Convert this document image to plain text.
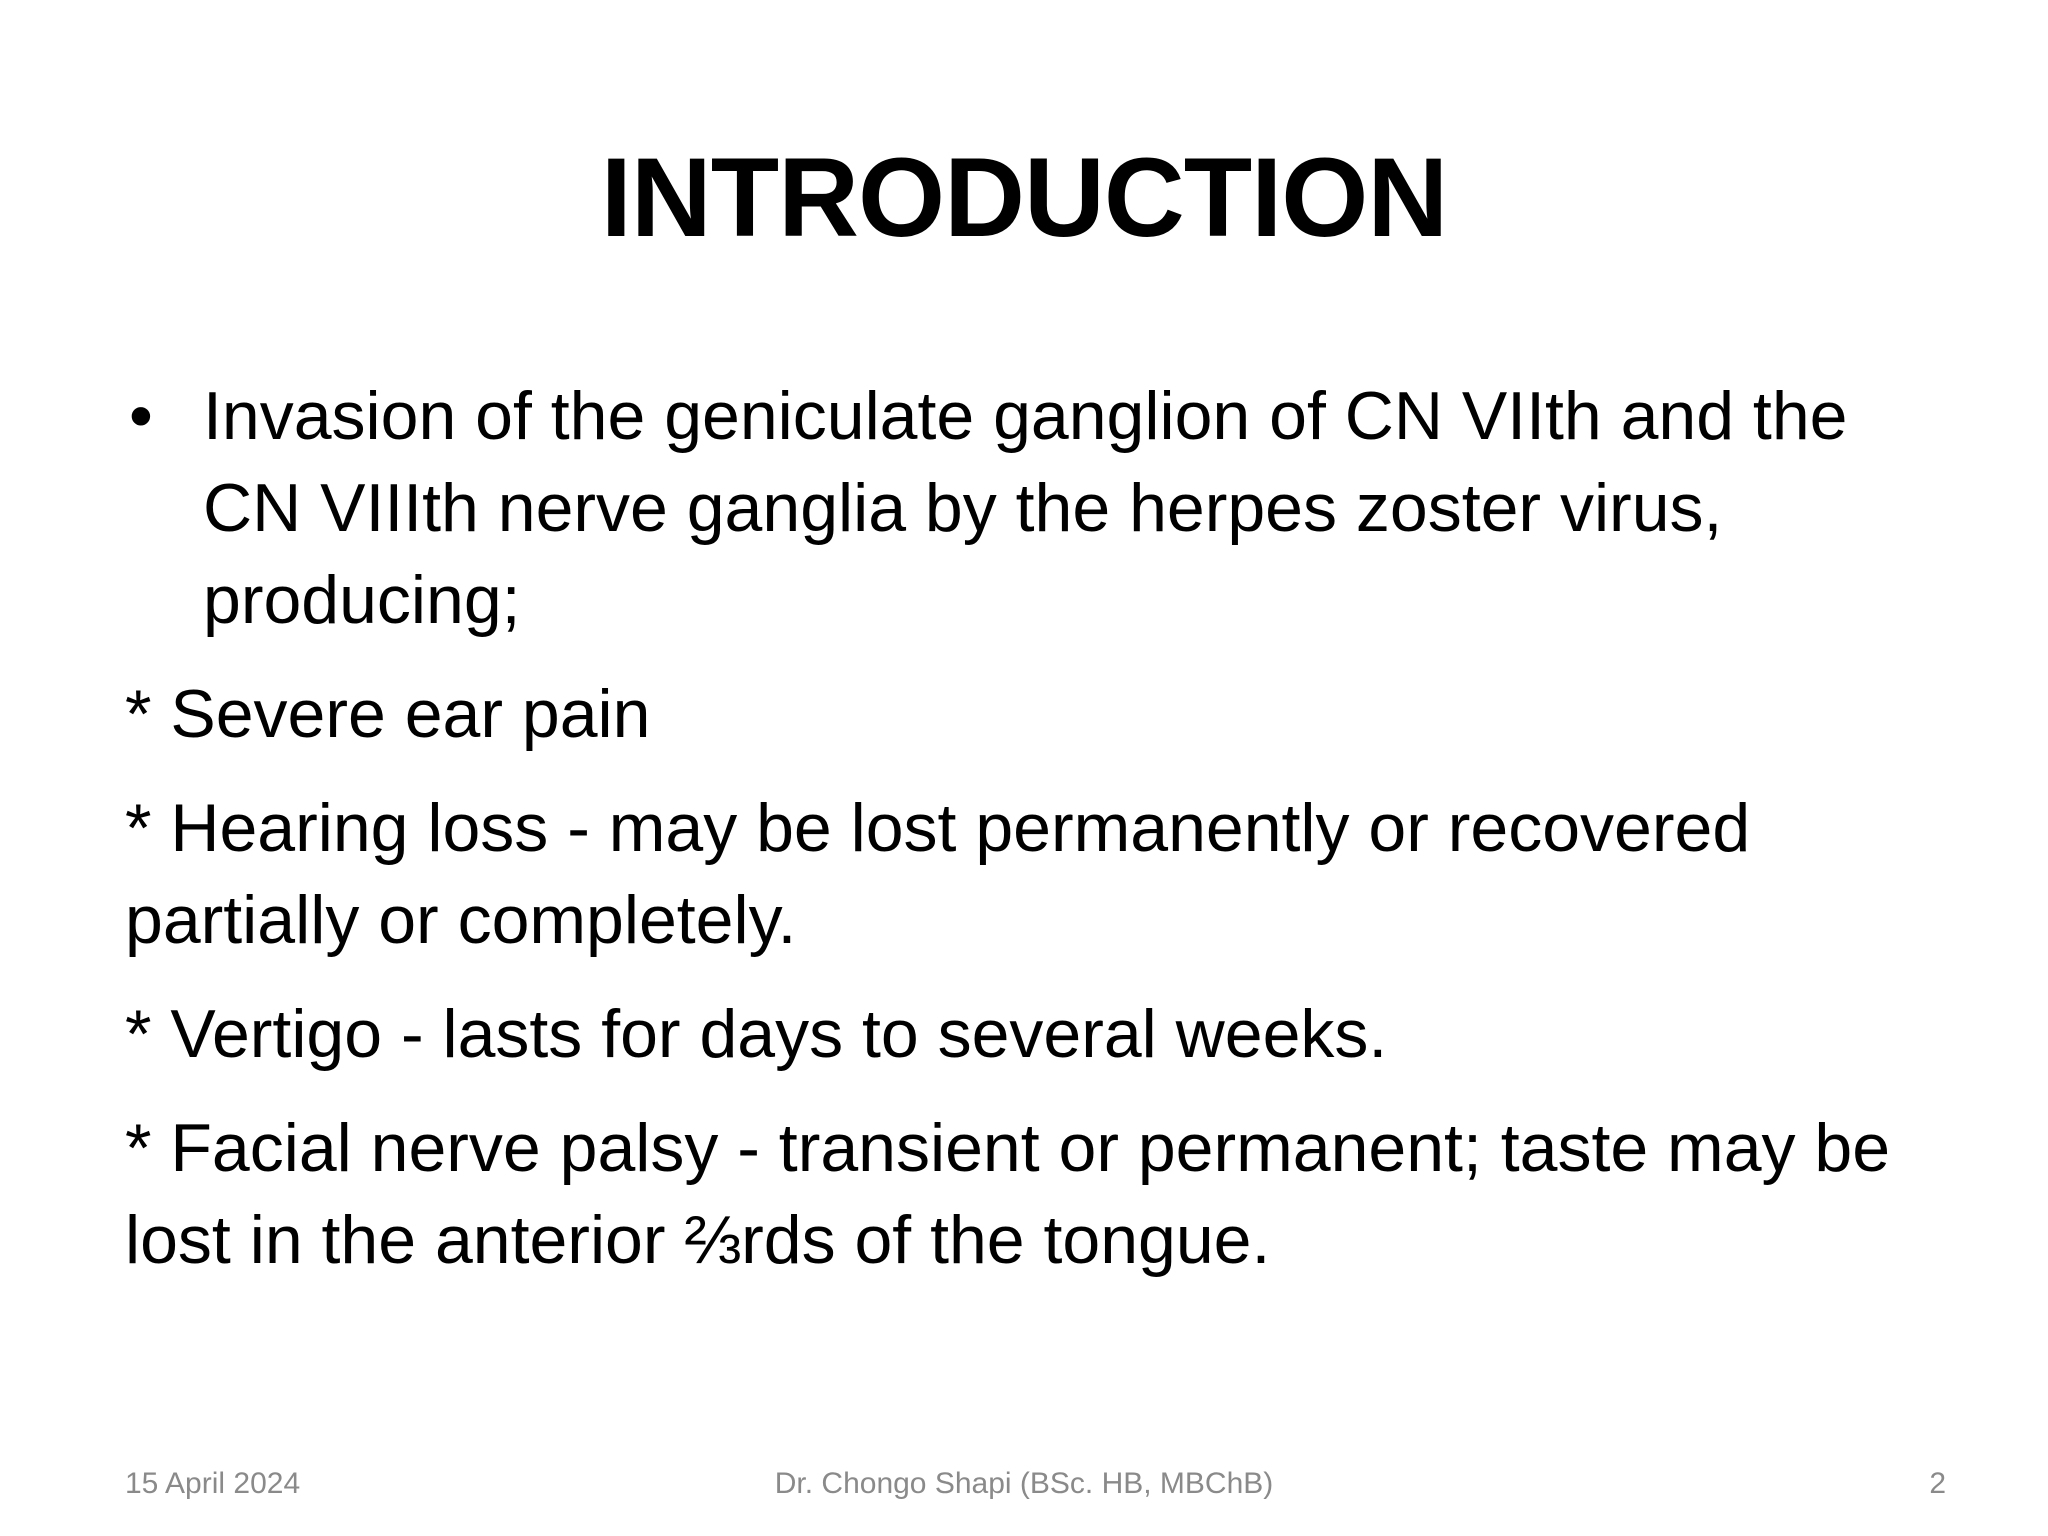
INTRODUCTION
• Invasion of the geniculate ganglion of CN VIIth and the CN VIIIth nerve ganglia by the herpes zoster virus, producing;
* Severe ear pain
* Hearing loss - may be lost permanently or recovered partially or completely.
* Vertigo - lasts for days to several weeks.
* Facial nerve palsy - transient or permanent; taste may be lost in the anterior ⅔rds of the tongue.
15 April 2024	Dr. Chongo Shapi (BSc. HB, MBChB)	2
